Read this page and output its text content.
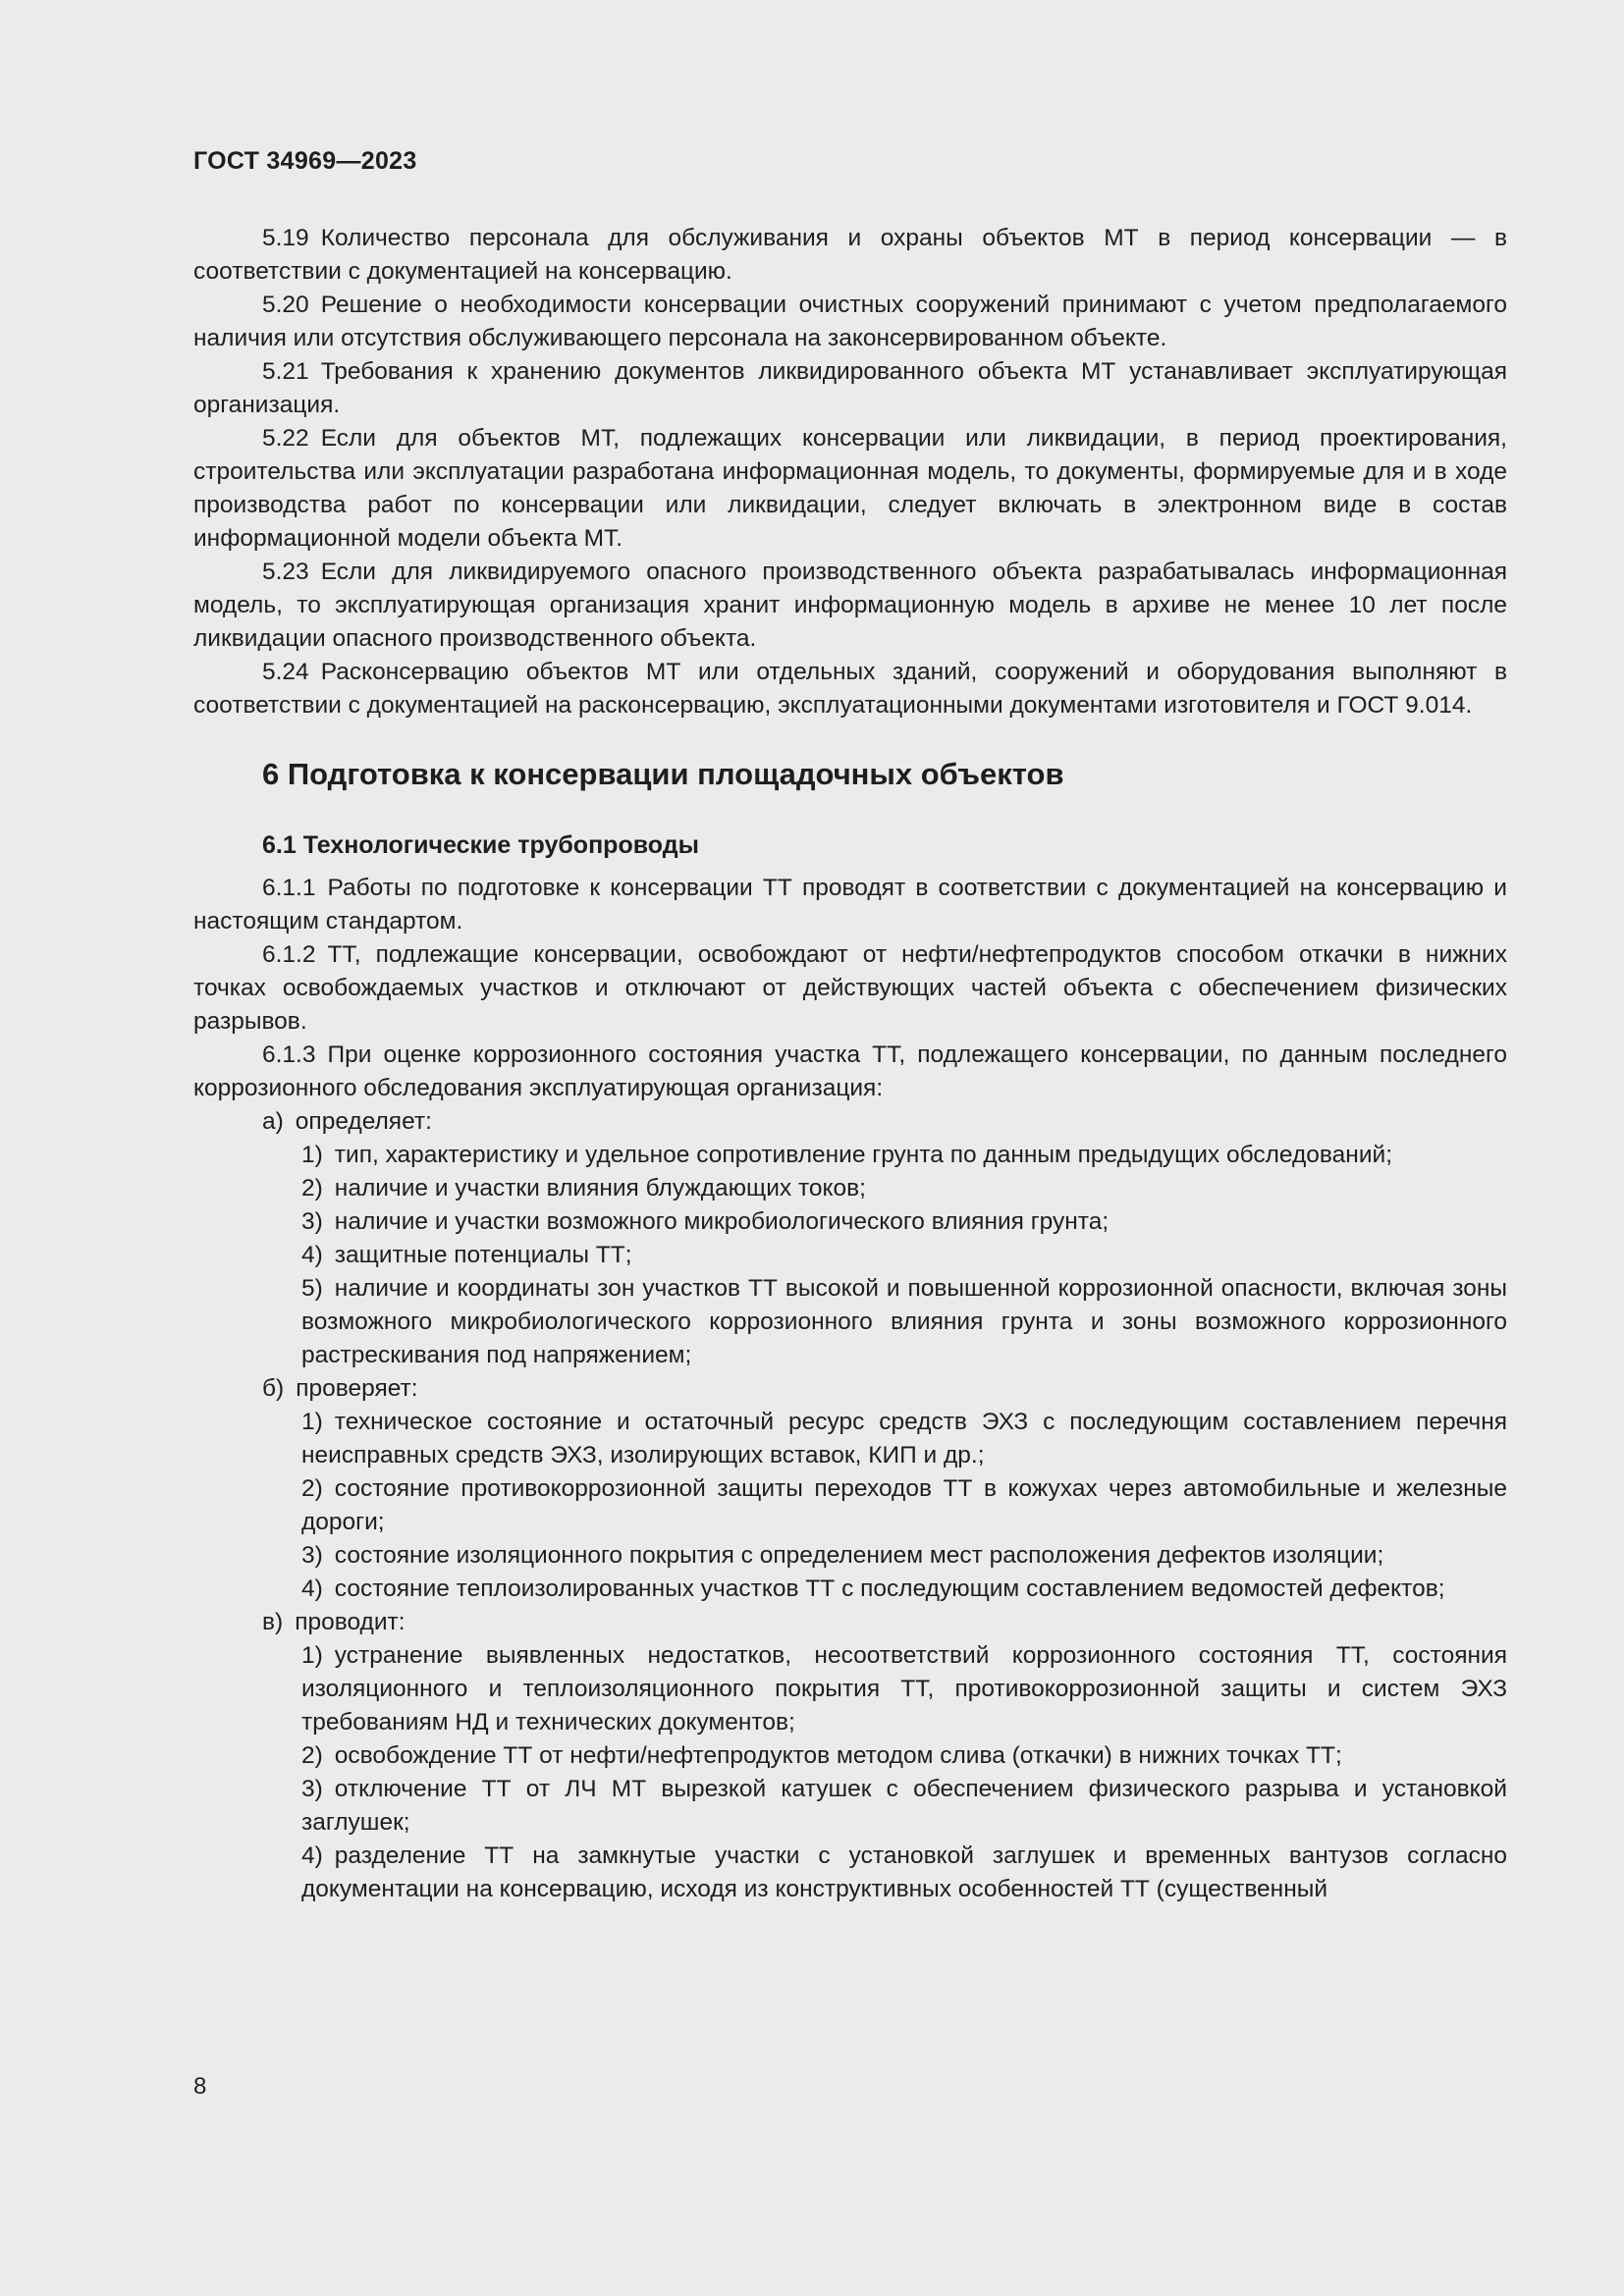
ГОСТ 34969—2023

5.19 Количество персонала для обслуживания и охраны объектов МТ в период консервации — в соответствии с документацией на консервацию.

5.20 Решение о необходимости консервации очистных сооружений принимают с учетом предполагаемого наличия или отсутствия обслуживающего персонала на законсервированном объекте.

5.21 Требования к хранению документов ликвидированного объекта МТ устанавливает эксплуатирующая организация.

5.22 Если для объектов МТ, подлежащих консервации или ликвидации, в период проектирования, строительства или эксплуатации разработана информационная модель, то документы, формируемые для и в ходе производства работ по консервации или ликвидации, следует включать в электронном виде в состав информационной модели объекта МТ.

5.23 Если для ликвидируемого опасного производственного объекта разрабатывалась информационная модель, то эксплуатирующая организация хранит информационную модель в архиве не менее 10 лет после ликвидации опасного производственного объекта.

5.24 Расконсервацию объектов МТ или отдельных зданий, сооружений и оборудования выполняют в соответствии с документацией на расконсервацию, эксплуатационными документами изготовителя и ГОСТ 9.014.

6 Подготовка к консервации площадочных объектов
6.1 Технологические трубопроводы

6.1.1 Работы по подготовке к консервации ТТ проводят в соответствии с документацией на консервацию и настоящим стандартом.

6.1.2 ТТ, подлежащие консервации, освобождают от нефти/нефтепродуктов способом откачки в нижних точках освобождаемых участков и отключают от действующих частей объекта с обеспечением физических разрывов.

6.1.3 При оценке коррозионного состояния участка ТТ, подлежащего консервации, по данным последнего коррозионного обследования эксплуатирующая организация:

а) определяет:

1) тип, характеристику и удельное сопротивление грунта по данным предыдущих обследований;

2) наличие и участки влияния блуждающих токов;

3) наличие и участки возможного микробиологического влияния грунта;

4) защитные потенциалы ТТ;

5) наличие и координаты зон участков ТТ высокой и повышенной коррозионной опасности, включая зоны возможного микробиологического коррозионного влияния грунта и зоны возможного коррозионного растрескивания под напряжением;

б) проверяет:

1) техническое состояние и остаточный ресурс средств ЭХЗ с последующим составлением перечня неисправных средств ЭХЗ, изолирующих вставок, КИП и др.;

2) состояние противокоррозионной защиты переходов ТТ в кожухах через автомобильные и железные дороги;

3) состояние изоляционного покрытия с определением мест расположения дефектов изоляции;

4) состояние теплоизолированных участков ТТ с последующим составлением ведомостей дефектов;

в) проводит:

1) устранение выявленных недостатков, несоответствий коррозионного состояния ТТ, состояния изоляционного и теплоизоляционного покрытия ТТ, противокоррозионной защиты и систем ЭХЗ требованиям НД и технических документов;

2) освобождение ТТ от нефти/нефтепродуктов методом слива (откачки) в нижних точках ТТ;

3) отключение ТТ от ЛЧ МТ вырезкой катушек с обеспечением физического разрыва и установкой заглушек;

4) разделение ТТ на замкнутые участки с установкой заглушек и временных вантузов согласно документации на консервацию, исходя из конструктивных особенностей ТТ (существенный

8
